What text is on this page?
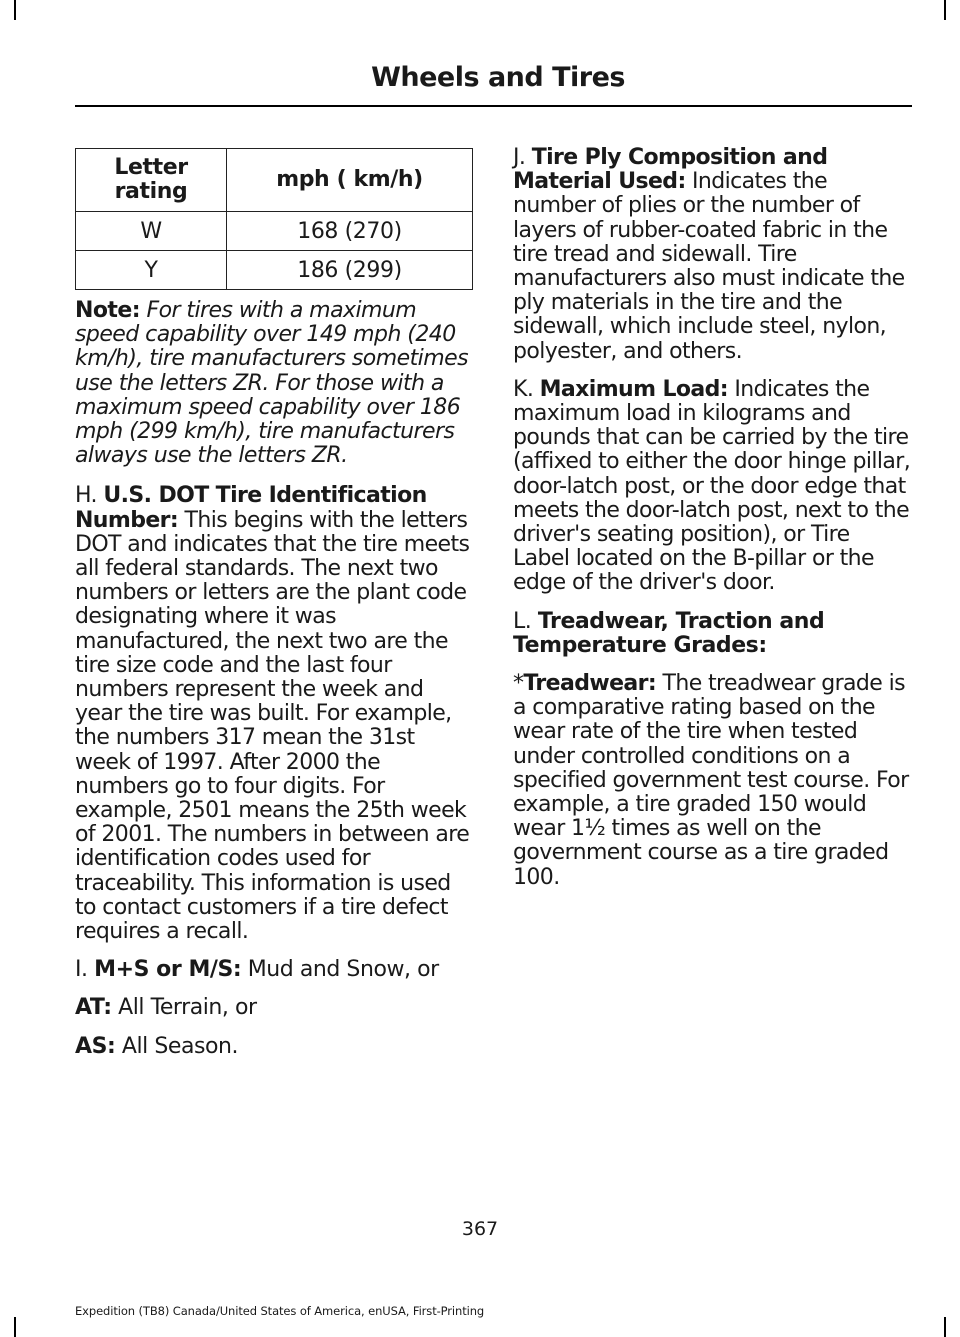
Wheels and Tires
Letter rating	mph ( km/h)
W	168 (270)
Y	186 (299)

Note: For tires with a maximum speed capability over 149 mph (240 km/h), tire manufacturers sometimes use the letters ZR. For those with a maximum speed capability over 186 mph (299 km/h), tire manufacturers always use the letters ZR.

H. U.S. DOT Tire Identification Number: This begins with the letters DOT and indicates that the tire meets all federal standards. The next two numbers or letters are the plant code designating where it was manufactured, the next two are the tire size code and the last four numbers represent the week and year the tire was built. For example, the numbers 317 mean the 31st week of 1997. After 2000 the numbers go to four digits. For example, 2501 means the 25th week of 2001. The numbers in between are identification codes used for traceability. This information is used to contact customers if a tire defect requires a recall.

I. M+S or M/S: Mud and Snow, or

AT: All Terrain, or

AS: All Season.

J. Tire Ply Composition and Material Used: Indicates the number of plies or the number of layers of rubber-coated fabric in the tire tread and sidewall. Tire manufacturers also must indicate the ply materials in the tire and the sidewall, which include steel, nylon, polyester, and others.

K. Maximum Load: Indicates the maximum load in kilograms and pounds that can be carried by the tire (affixed to either the door hinge pillar, door-latch post, or the door edge that meets the door-latch post, next to the driver's seating position), or Tire Label located on the B-pillar or the edge of the driver's door.

L. Treadwear, Traction and Temperature Grades:

*Treadwear: The treadwear grade is a comparative rating based on the wear rate of the tire when tested under controlled conditions on a specified government test course. For example, a tire graded 150 would wear 1½ times as well on the government course as a tire graded 100.

367
Expedition (TB8) Canada/United States of America, enUSA, First-Printing
